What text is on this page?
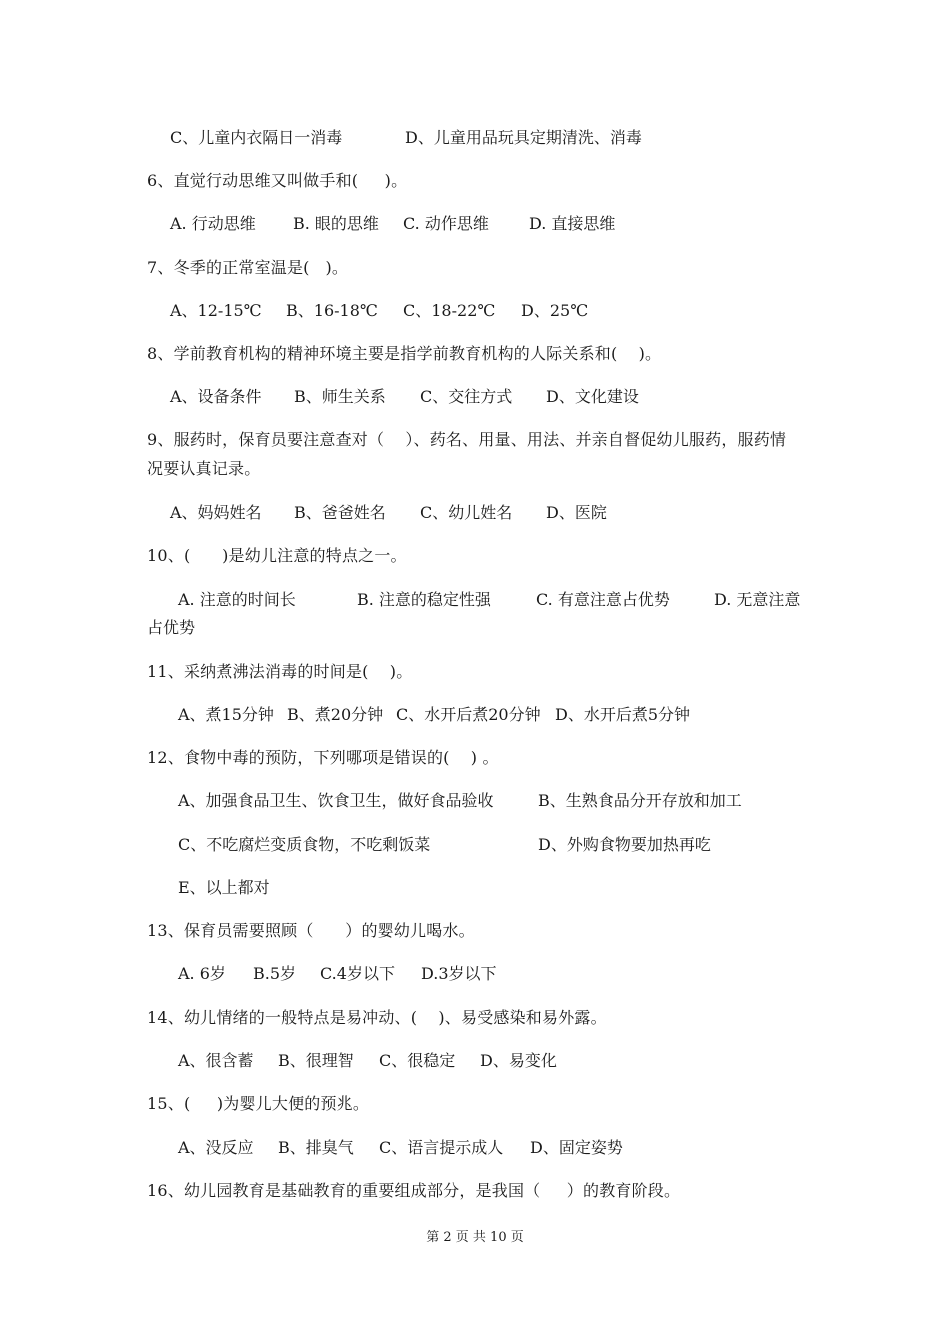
C、儿童内衣隔日一消毒	D、儿童用品玩具定期清洗、消毒
6、直觉行动思维又叫做手和(     )。
A. 行动思维 B. 眼的思维 C. 动作思维	D. 直接思维
7、冬季的正常室温是(   )。
A、12-15℃ B、16-18℃ C、18-22℃ D、25℃
8、学前教育机构的精神环境主要是指学前教育机构的人际关系和(    )。
A、设备条件 B、师生关系 C、交往方式 D、文化建设
9、服药时，保育员要注意查对（    ）、药名、用量、用法、并亲自督促幼儿服药，服药情
况要认真记录。
A、妈妈姓名 B、爸爸姓名 C、幼儿姓名 D、医院
10、(      )是幼儿注意的特点之一。
A. 注意的时间长	B. 注意的稳定性强	C. 有意注意占优势	D. 无意注意
占优势
11、采纳煮沸法消毒的时间是(    )。
A、煮15分钟 B、煮20分钟 C、水开后煮20分钟 D、水开后煮5分钟
12、食物中毒的预防，下列哪项是错误的(    ) 。
A、加强食品卫生、饮食卫生，做好食品验收	B、生熟食品分开存放和加工
C、不吃腐烂变质食物，不吃剩饭菜	D、外购食物要加热再吃
E、以上都对
13、保育员需要照顾（      ）的婴幼儿喝水。
A. 6岁 B.5岁 C.4岁以下 D.3岁以下
14、幼儿情绪的一般特点是易冲动、(    )、易受感染和易外露。
A、很含蓄 B、很理智 C、很稳定 D、易变化
15、(     )为婴儿大便的预兆。
A、没反应 B、排臭气 C、语言提示成人 D、固定姿势
16、幼儿园教育是基础教育的重要组成部分，是我国（     ）的教育阶段。
第 2 页 共 10 页
